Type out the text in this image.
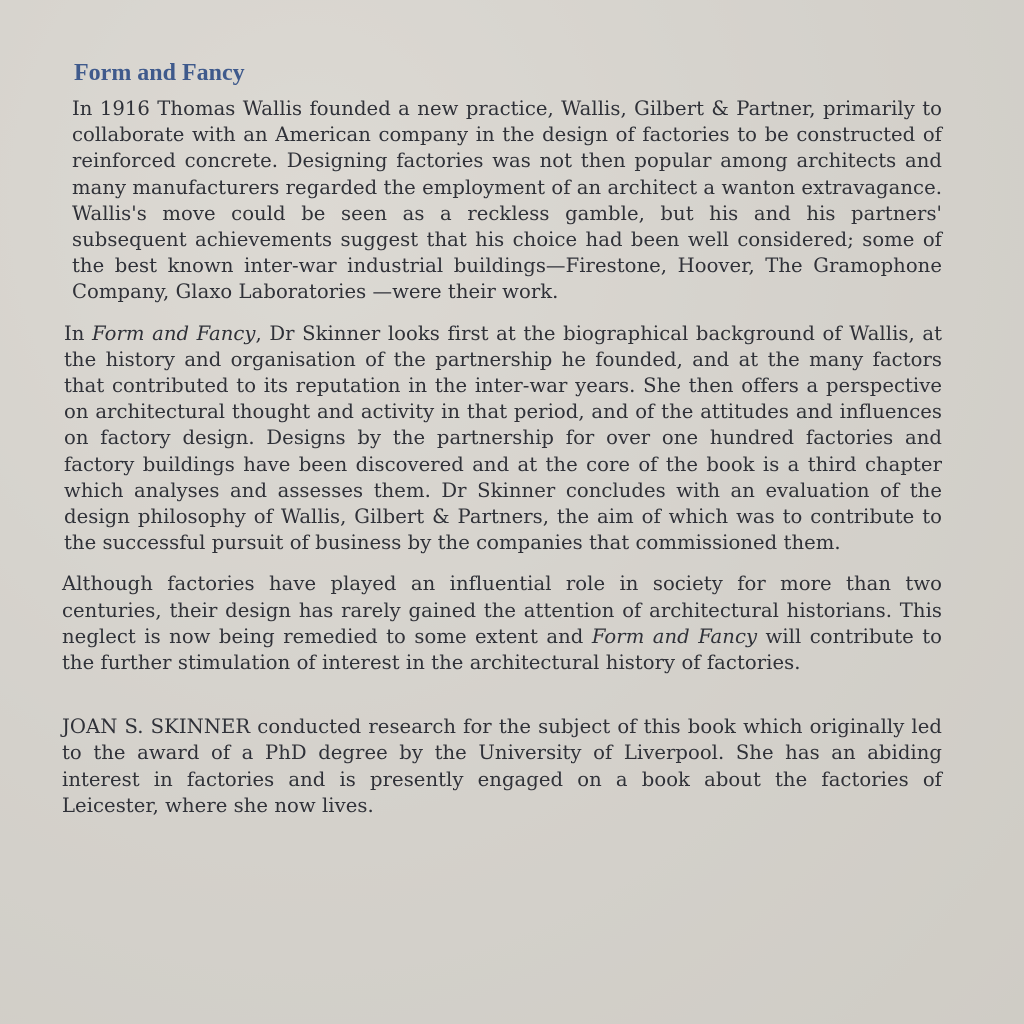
Form and Fancy

In 1916 Thomas Wallis founded a new practice, Wallis, Gilbert & Partner, primarily to collaborate with an American company in the design of factories to be constructed of reinforced concrete. Designing factories was not then popular among architects and many manufacturers regarded the employment of an architect a wanton extravagance. Wallis's move could be seen as a reckless gamble, but his and his partners' subsequent achievements suggest that his choice had been well considered; some of the best known inter-war industrial buildings—Firestone, Hoover, The Gramophone Company, Glaxo Laboratories —were their work.

In Form and Fancy, Dr Skinner looks first at the biographical background of Wallis, at the history and organisation of the partnership he founded, and at the many factors that contributed to its reputation in the inter-war years. She then offers a perspective on architectural thought and activity in that period, and of the attitudes and influences on factory design. Designs by the partnership for over one hundred factories and factory buildings have been discovered and at the core of the book is a third chapter which analyses and assesses them. Dr Skinner concludes with an evaluation of the design philosophy of Wallis, Gilbert & Partners, the aim of which was to contribute to the successful pursuit of business by the companies that commissioned them.

Although factories have played an influential role in society for more than two centuries, their design has rarely gained the attention of architectural historians. This neglect is now being remedied to some extent and Form and Fancy will contribute to the further stimulation of interest in the architectural history of factories.

JOAN S. SKINNER conducted research for the subject of this book which originally led to the award of a PhD degree by the University of Liverpool. She has an abiding interest in factories and is presently engaged on a book about the factories of Leicester, where she now lives.
